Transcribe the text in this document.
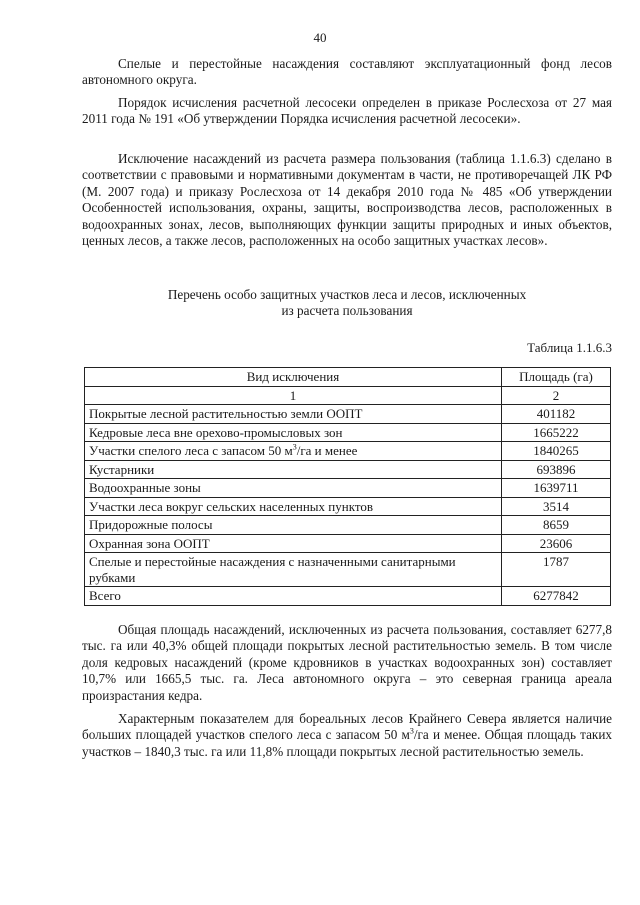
40

Спелые и перестойные насаждения составляют эксплуатационный фонд лесов автономного округа.

Порядок исчисления расчетной лесосеки определен в приказе Рослесхоза от 27 мая 2011 года № 191 «Об утверждении Порядка исчисления расчетной лесосеки».

Исключение насаждений из расчета размера пользования (таблица 1.1.6.3) сделано в соответствии с правовыми и нормативными документам в части, не противоречащей ЛК РФ (М. 2007 года) и приказу Рослесхоза от 14 декабря 2010 года № 485 «Об утверждении Особенностей использования, охраны, защиты, воспроизводства лесов, расположенных в водоохранных зонах, лесов, выполняющих функции защиты природных и иных объектов, ценных лесов, а также лесов, расположенных на особо защитных участках лесов».

Перечень особо защитных участков леса и лесов, исключенных
из расчета пользования
Таблица 1.1.6.3
Вид исключения	Площадь (га)
1	2
Покрытые лесной растительностью земли ООПТ	401182
Кедровые леса вне орехово-промысловых зон	1665222
Участки спелого леса с запасом 50 $м^3/га$ и менее	1840265
Кустарники	693896
Водоохранные зоны	1639711
Участки леса вокруг сельских населенных пунктов	3514
Придорожные полосы	8659
Охранная зона ООПТ	23606
Спелые и перестойные насаждения с назначенными санитарными рубками	1787
Всего	6277842

Общая площадь насаждений, исключенных из расчета пользования, составляет 6277,8 тыс. га или 40,3% общей площади покрытых лесной растительностью земель. В том числе доля кедровых насаждений (кроме кдровников в участках водоохранных зон) составляет 10,7% или 1665,5 тыс. га. Леса автономного округа – это северная граница ареала произрастания кедра.

Характерным показателем для бореальных лесов Крайнего Севера является наличие больших площадей участков спелого леса с запасом 50 $м^3/га$ и менее. Общая площадь таких участков – 1840,3 тыс. га или 11,8% площади покрытых лесной растительностью земель.
